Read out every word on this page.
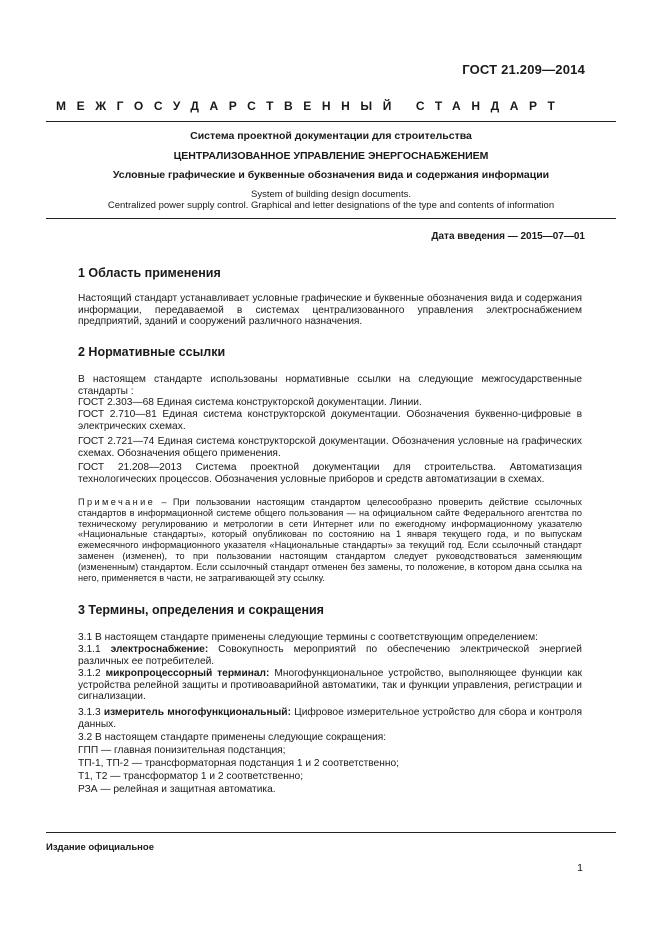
ГОСТ 21.209—2014
МЕЖГОСУДАРСТВЕННЫЙ СТАНДАРТ
Система проектной документации для строительства
ЦЕНТРАЛИЗОВАННОЕ УПРАВЛЕНИЕ ЭНЕРГОСНАБЖЕНИЕМ
Условные графические и буквенные обозначения вида и содержания информации
System of building design documents.
Centralized power supply control. Graphical and letter designations of the type and contents of information
Дата введения — 2015—07—01
1 Область применения
Настоящий стандарт устанавливает условные графические и буквенные обозначения вида и содержания информации, передаваемой в системах централизованного управления электроснабжением предприятий, зданий и сооружений различного назначения.
2 Нормативные ссылки
В настоящем стандарте использованы нормативные ссылки на следующие межгосударственные стандарты :
ГОСТ 2.303—68 Единая система конструкторской документации. Линии.
ГОСТ 2.710—81 Единая система конструкторской документации. Обозначения буквенно-цифровые в электрических схемах.
ГОСТ 2.721—74 Единая система конструкторской документации. Обозначения условные на графических схемах. Обозначения общего применения.
ГОСТ 21.208—2013 Система проектной документации для строительства. Автоматизация технологических процессов. Обозначения условные приборов и средств автоматизации в схемах.
Примечание – При пользовании настоящим стандартом целесообразно проверить действие ссылочных стандартов в информационной системе общего пользования — на официальном сайте Федерального агентства по техническому регулированию и метрологии в сети Интернет или по ежегодному информационному указателю «Национальные стандарты», который опубликован по состоянию на 1 января текущего года, и по выпускам ежемесячного информационного указателя «Национальные стандарты» за текущий год. Если ссылочный стандарт заменен (изменен), то при пользовании настоящим стандартом следует руководствоваться заменяющим (измененным) стандартом. Если ссылочный стандарт отменен без замены, то положение, в котором дана ссылка на него, применяется в части, не затрагивающей эту ссылку.
3 Термины, определения и сокращения
3.1 В настоящем стандарте применены следующие термины с соответствующим определением:
3.1.1 электроснабжение: Совокупность мероприятий по обеспечению электрической энергией различных ее потребителей.
3.1.2 микропроцессорный терминал: Многофункциональное устройство, выполняющее функции как устройства релейной защиты и противоаварийной автоматики, так и функции управления, регистрации и сигнализации.
3.1.3 измеритель многофункциональный: Цифровое измерительное устройство для сбора и контроля данных.
3.2 В настоящем стандарте применены следующие сокращения:
ГПП — главная понизительная подстанция;
ТП-1, ТП-2 — трансформаторная подстанция 1 и 2 соответственно;
Т1, Т2 — трансформатор 1 и 2 соответственно;
РЗА — релейная и защитная автоматика.
Издание официальное
1
